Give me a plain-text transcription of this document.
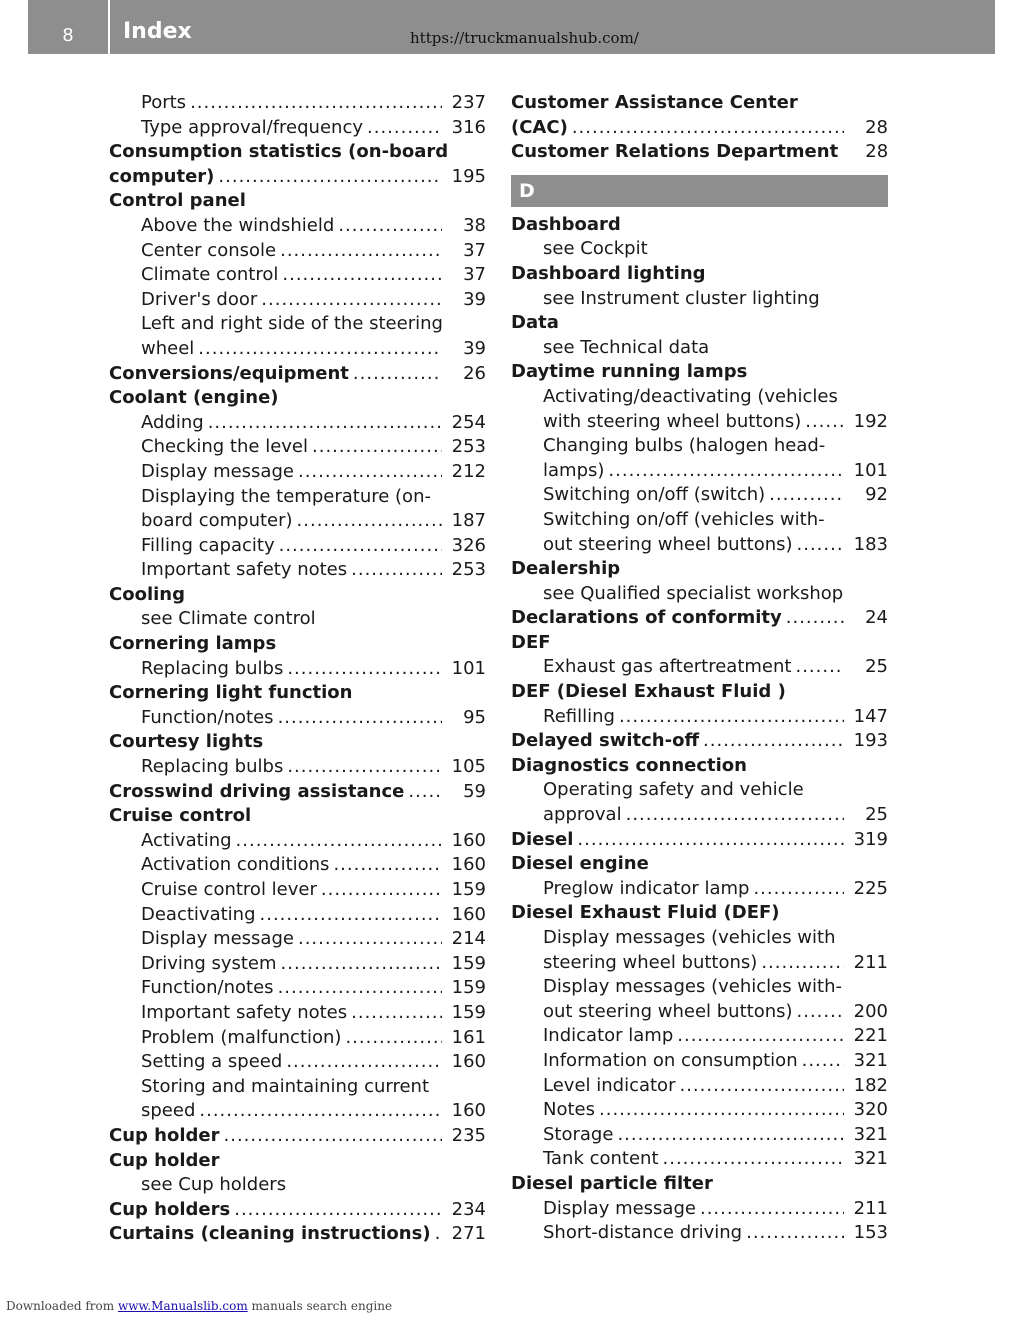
8	Index	https://truckmanualshub.com/
Ports .....	237
Type approval/frequency .....	316
Consumption statistics (on-board
computer) .....	195
Control panel
Above the windshield .....	38
Center console .....	37
Climate control .....	37
Driver's door .....	39
Left and right side of the steering
wheel .....	39
Conversions/equipment .....	26
Coolant (engine)
Adding .....	254
Checking the level .....	253
Display message .....	212
Displaying the temperature (on-
board computer) .....	187
Filling capacity .....	326
Important safety notes .....	253
Cooling
see Climate control
Cornering lamps
Replacing bulbs .....	101
Cornering light function
Function/notes .....	95
Courtesy lights
Replacing bulbs .....	105
Crosswind driving assistance .....	59
Cruise control
Activating .....	160
Activation conditions .....	160
Cruise control lever .....	159
Deactivating .....	160
Display message .....	214
Driving system .....	159
Function/notes .....	159
Important safety notes .....	159
Problem (malfunction) .....	161
Setting a speed .....	160
Storing and maintaining current
speed .....	160
Cup holder .....	235
Cup holder
see Cup holders
Cup holders .....	234
Curtains (cleaning instructions) .....	271
Customer Assistance Center
(CAC) .....	28
Customer Relations Department .....	28
D
Dashboard
see Cockpit
Dashboard lighting
see Instrument cluster lighting
Data
see Technical data
Daytime running lamps
Activating/deactivating (vehicles
with steering wheel buttons) .....	192
Changing bulbs (halogen head-
lamps) .....	101
Switching on/off (switch) .....	92
Switching on/off (vehicles with-
out steering wheel buttons) .....	183
Dealership
see Qualified specialist workshop
Declarations of conformity .....	24
DEF
Exhaust gas aftertreatment .....	25
DEF (Diesel Exhaust Fluid )
Refilling .....	147
Delayed switch-off .....	193
Diagnostics connection
Operating safety and vehicle
approval .....	25
Diesel .....	319
Diesel engine
Preglow indicator lamp .....	225
Diesel Exhaust Fluid (DEF)
Display messages (vehicles with
steering wheel buttons) .....	211
Display messages (vehicles with-
out steering wheel buttons) .....	200
Indicator lamp .....	221
Information on consumption .....	321
Level indicator .....	182
Notes .....	320
Storage .....	321
Tank content .....	321
Diesel particle filter
Display message .....	211
Short-distance driving .....	153
Downloaded from www.Manualslib.com manuals search engine
